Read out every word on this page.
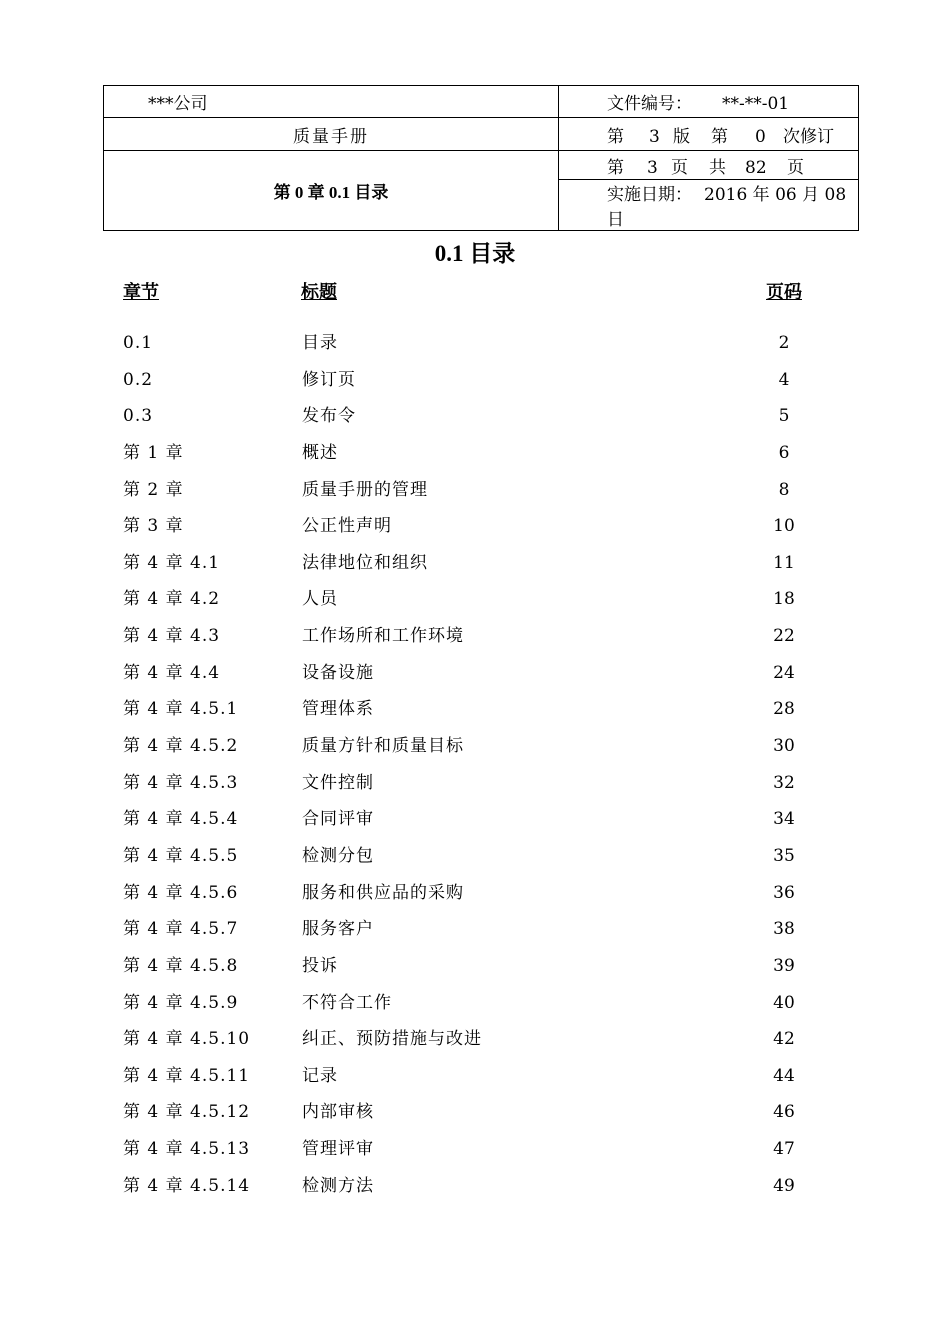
***公司	文件编号： **-**-01
质量手册	第 3 版 第 0 次修订
第 0 章 0.1 目录	第 3 页 共 82 页
	实施日期： 2016 年 06 月 08 日
0.1 目录
章节	标题	页码
0.1	目录	2
0.2	修订页	4
0.3	发布令	5
第 1 章	概述	6
第 2 章	质量手册的管理	8
第 3 章	公正性声明	10
第 4 章 4.1	法律地位和组织	11
第 4 章 4.2	人员	18
第 4 章 4.3	工作场所和工作环境	22
第 4 章 4.4	设备设施	24
第 4 章 4.5.1	管理体系	28
第 4 章 4.5.2	质量方针和质量目标	30
第 4 章 4.5.3	文件控制	32
第 4 章 4.5.4	合同评审	34
第 4 章 4.5.5	检测分包	35
第 4 章 4.5.6	服务和供应品的采购	36
第 4 章 4.5.7	服务客户	38
第 4 章 4.5.8	投诉	39
第 4 章 4.5.9	不符合工作	40
第 4 章 4.5.10	纠正、预防措施与改进	42
第 4 章 4.5.11	记录	44
第 4 章 4.5.12	内部审核	46
第 4 章 4.5.13	管理评审	47
第 4 章 4.5.14	检测方法	49
